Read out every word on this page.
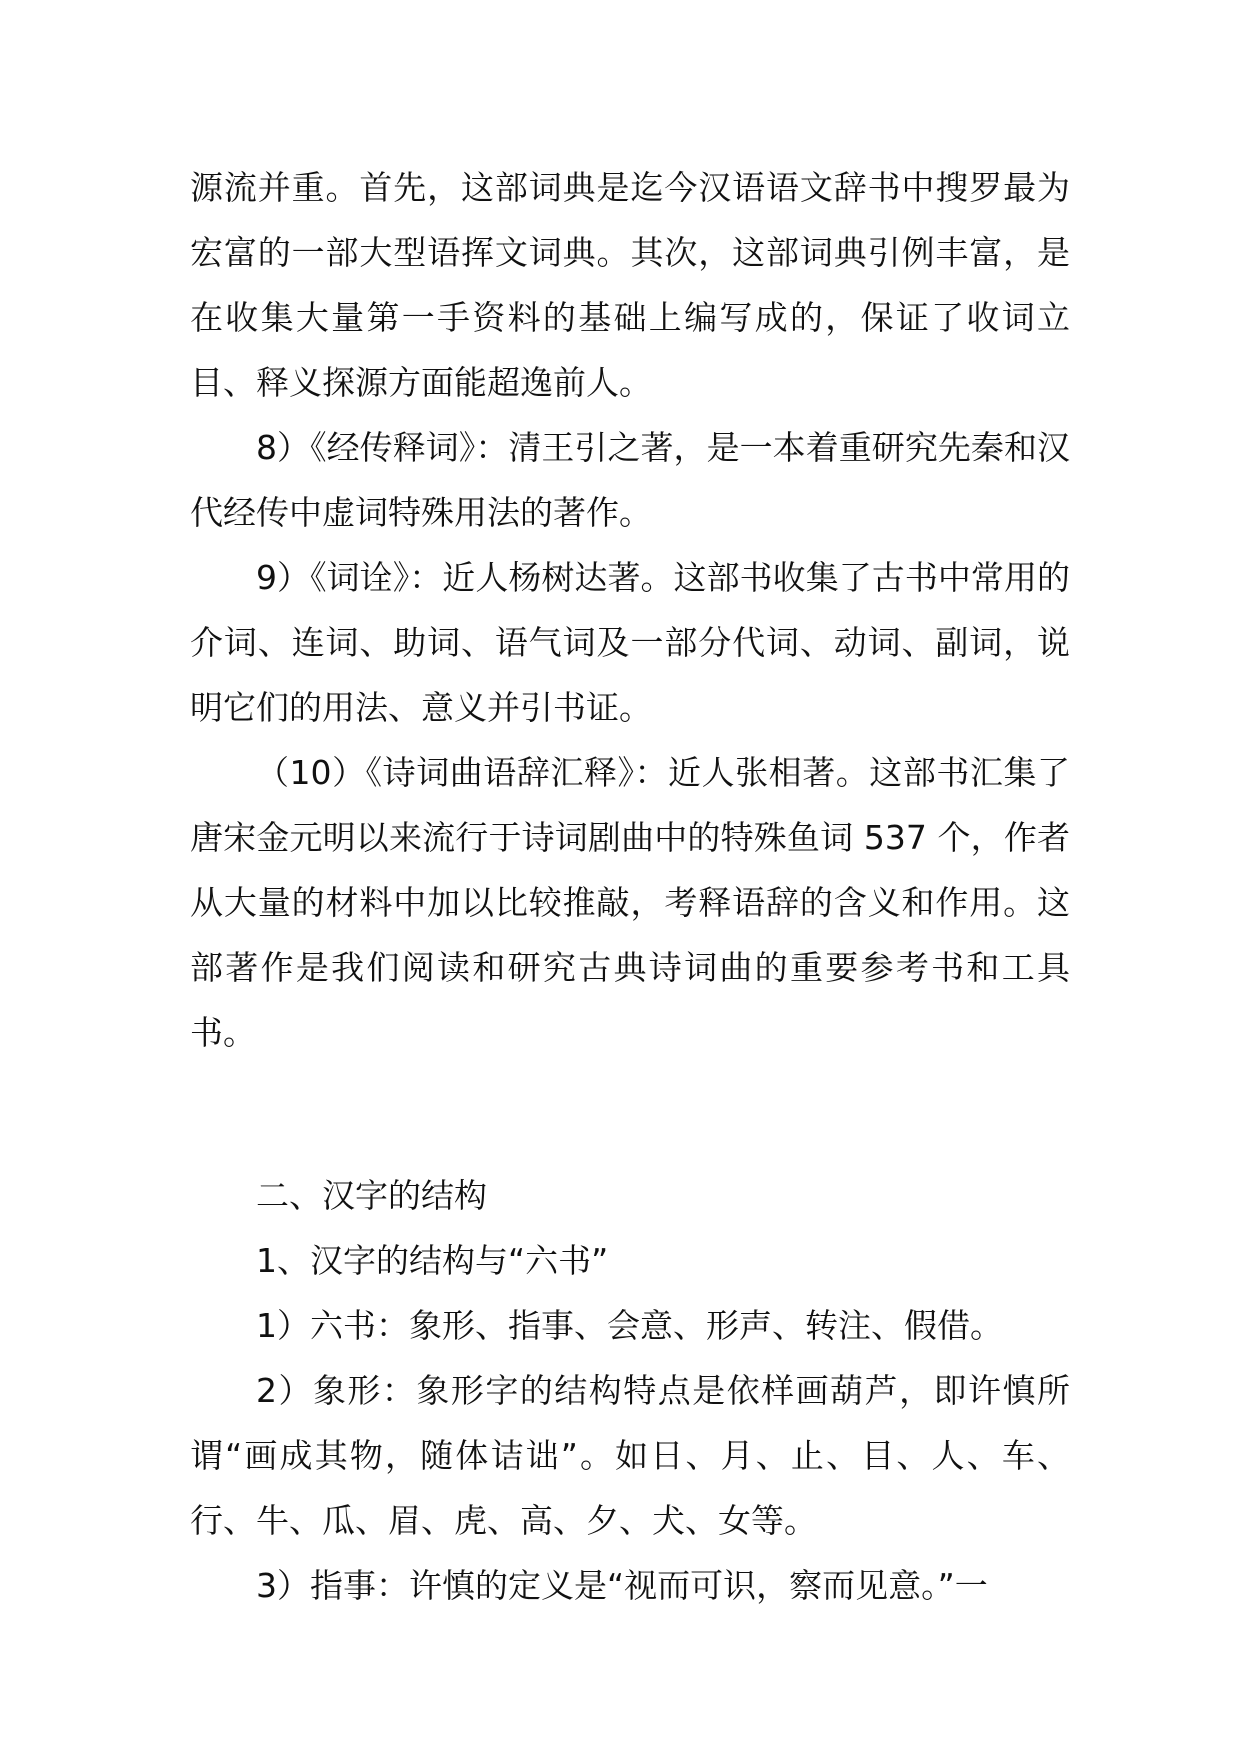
源流并重。首先，这部词典是迄今汉语语文辞书中搜罗最为宏富的一部大型语挥文词典。其次，这部词典引例丰富，是在收集大量第一手资料的基础上编写成的，保证了收词立目、释义探源方面能超逸前人。

8）《经传释词》：清王引之著，是一本着重研究先秦和汉代经传中虚词特殊用法的著作。

9）《词诠》：近人杨树达著。这部书收集了古书中常用的介词、连词、助词、语气词及一部分代词、动词、副词，说明它们的用法、意义并引书证。

（10）《诗词曲语辞汇释》：近人张相著。这部书汇集了唐宋金元明以来流行于诗词剧曲中的特殊鱼词 537 个，作者从大量的材料中加以比较推敲，考释语辞的含义和作用。这部著作是我们阅读和研究古典诗词曲的重要参考书和工具书。

二、汉字的结构

1、汉字的结构与“六书”

1）六书：象形、指事、会意、形声、转注、假借。

2）象形：象形字的结构特点是依样画葫芦，即许慎所谓“画成其物，随体诘诎”。如日、月、止、目、人、车、行、牛、瓜、眉、虎、高、夕、犬、女等。

3）指事：许慎的定义是“视而可识，察而见意。”一
